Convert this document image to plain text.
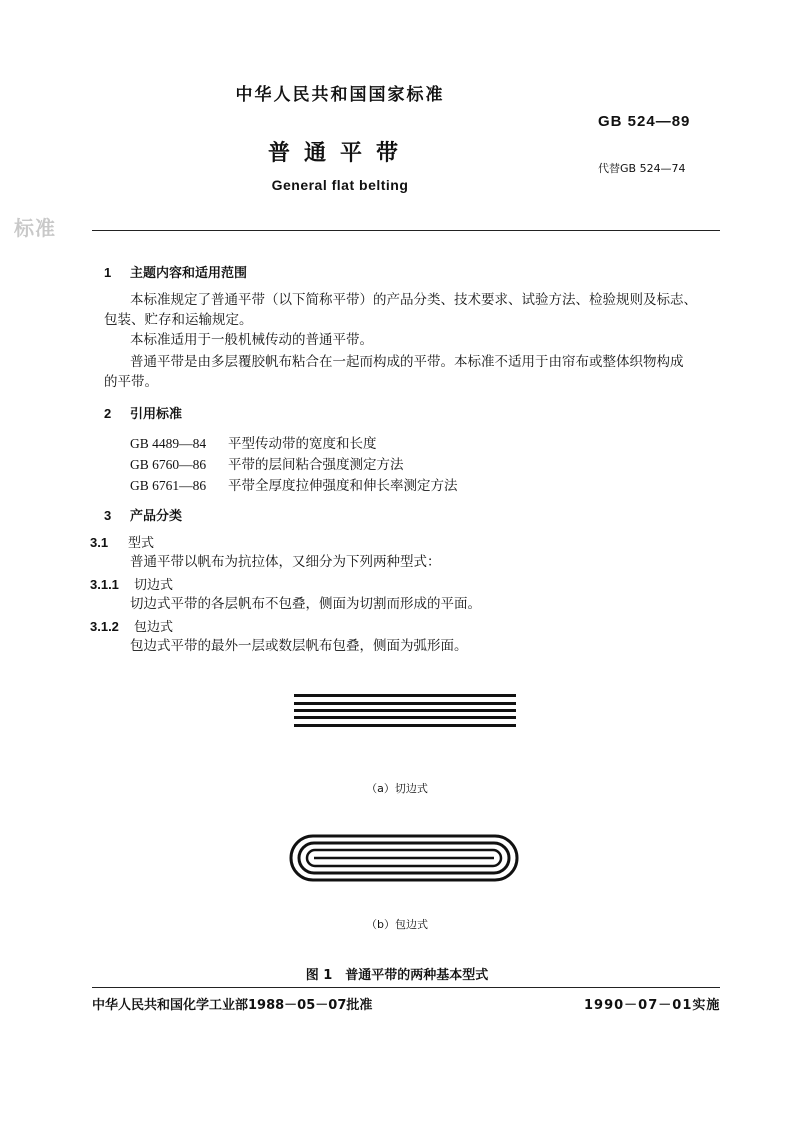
中华人民共和国国家标准
GB 524—89
普通平带
代替GB 524—74
General flat belting
标准
1 主题内容和适用范围
本标准规定了普通平带（以下简称平带）的产品分类、技术要求、试验方法、检验规则及标志、
包装、贮存和运输规定。
本标准适用于一般机械传动的普通平带。
普通平带是由多层覆胶帆布粘合在一起而构成的平带。本标准不适用于由帘布或整体织物构成
的平带。
2 引用标准
GB 4489—84 平型传动带的宽度和长度
GB 6760—86 平带的层间粘合强度测定方法
GB 6761—86 平带全厚度拉伸强度和伸长率测定方法
3 产品分类
3.1 型式
普通平带以帆布为抗拉体，又细分为下列两种型式：
3.1.1 切边式
切边式平带的各层帆布不包叠，侧面为切割而形成的平面。
3.1.2 包边式
包边式平带的最外一层或数层帆布包叠，侧面为弧形面。
（a）切边式
（b）包边式
图 1　普通平带的两种基本型式
中华人民共和国化学工业部1988－05－07批准	1990－07－01实施
